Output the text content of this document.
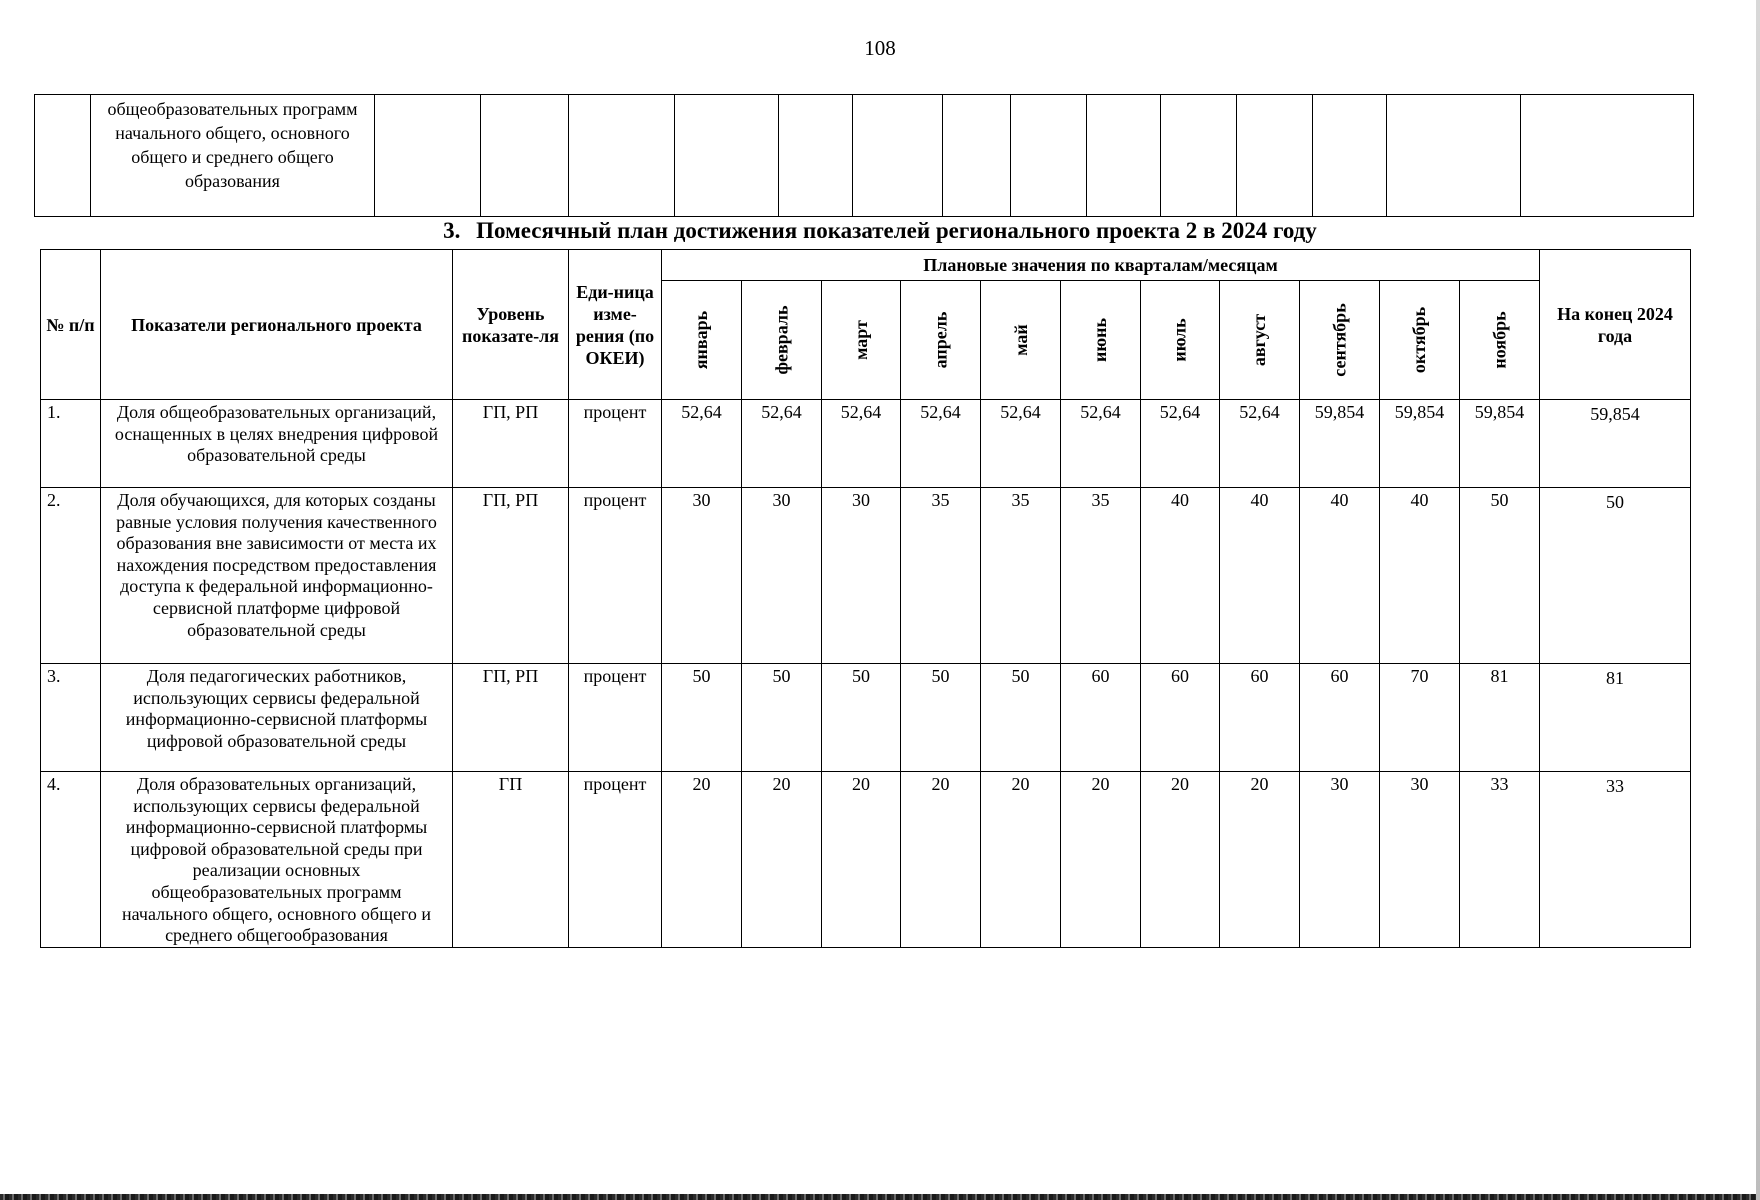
108

общеобразовательных программ начального общего, основного общего и среднего общего образования

3. Помесячный план достижения показателей регионального проекта 2 в 2024 году
№ п/п	Показатели регионального проекта	Уровень показате-ля	Еди-ница изме-рения (по ОКЕИ)	Плановые значения по кварталам/месяцам											На конец 2024 года
				январь	февраль	март	апрель	май	июнь	июль	август	сентябрь	октябрь	ноябрь	
1.	Доля общеобразовательных организаций, оснащенных в целях внедрения цифровой образовательной среды	ГП, РП	процент	52,64	52,64	52,64	52,64	52,64	52,64	52,64	52,64	59,854	59,854	59,854	59,854
2.	Доля обучающихся, для которых созданы равные условия получения качественного образования вне зависимости от места их нахождения посредством предоставления доступа к федеральной информационно-сервисной платформе цифровой образовательной среды	ГП, РП	процент	30	30	30	35	35	35	40	40	40	40	50	50
3.	Доля педагогических работников, использующих сервисы федеральной информационно-сервисной платформы цифровой образовательной среды	ГП, РП	процент	50	50	50	50	50	60	60	60	60	70	81	81
4.	Доля образовательных организаций, использующих сервисы федеральной информационно-сервисной платформы цифровой образовательной среды при реализации основных общеобразовательных программ начального общего, основного общего и среднего общегообразования	ГП	процент	20	20	20	20	20	20	20	20	30	30	33	33
